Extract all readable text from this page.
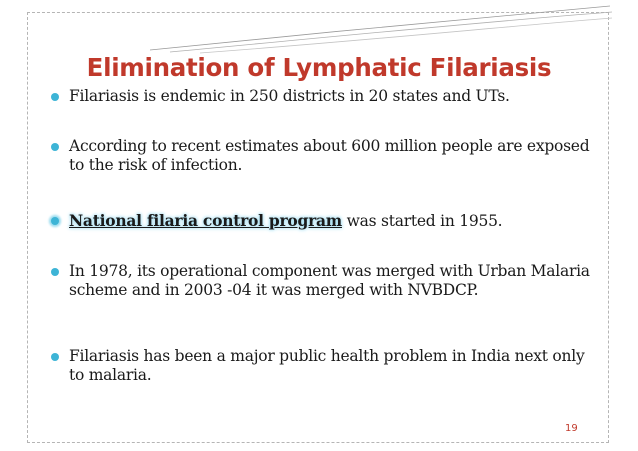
Elimination of Lymphatic Filariasis
Filariasis is endemic in 250 districts in 20 states and UTs.
According to recent estimates about 600 million people are exposed to the risk of infection.
National filaria control program was started in 1955.
In 1978, its operational component was merged with Urban Malaria scheme and in 2003 -04 it was merged with NVBDCP.
Filariasis has been a major public health problem in India next only to malaria.
19
